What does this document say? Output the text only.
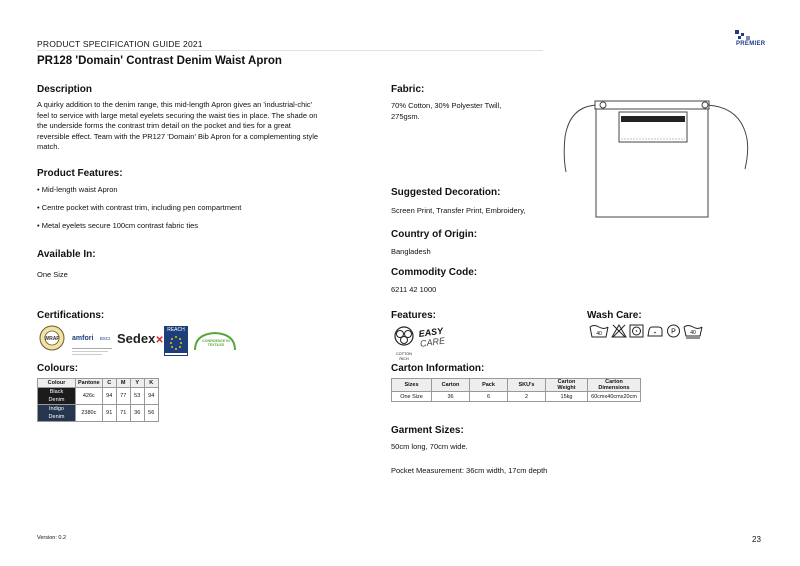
PRODUCT SPECIFICATION GUIDE 2021
PR128 'Domain' Contrast Denim Waist Apron
PREMIER
Description
A quirky addition to the denim range, this mid-length Apron gives an 'industrial-chic'
feel to service with large metal eyelets securing the waist ties in place. The shade on
the underside forms the contrast trim detail on the pocket and ties for a great
reversible effect. Team with the PR127 'Domain' Bib Apron for a complementing style
match.
Product Features:
• Mid-length waist Apron
• Centre pocket with contrast trim, including pen compartment
• Metal eyelets secure 100cm contrast fabric ties
Available In:
One Size
Certifications:
WRAP amfori BSCI Sedex✕
REACH
CONFIDENCE IN TEXTILES
Colours:
Colour	Pantone	C	M	Y	K

Black
Denim	426c	94	77	53	94

Indigo
Denim	2380c	91	71	36	56
Fabric:
70% Cotton, 30% Polyester Twill,
275gsm.
Suggested Decoration:
Screen Print, Transfer Print, Embroidery,
Country of Origin:
Bangladesh
Commodity Code:
6211 42 1000
Features:
COTTON
RICH
EASY
CARE
Wash Care:
40	P	40
Carton Information:
Sizes	Carton	Pack	SKU's	Carton Weight	Carton Dimensions
One Size	36	6	2	15kg	60cmx40cmx20cm
Garment Sizes:
50cm long, 70cm wide.
Pocket Measurement: 36cm width, 17cm depth
Version: 0.2	23
